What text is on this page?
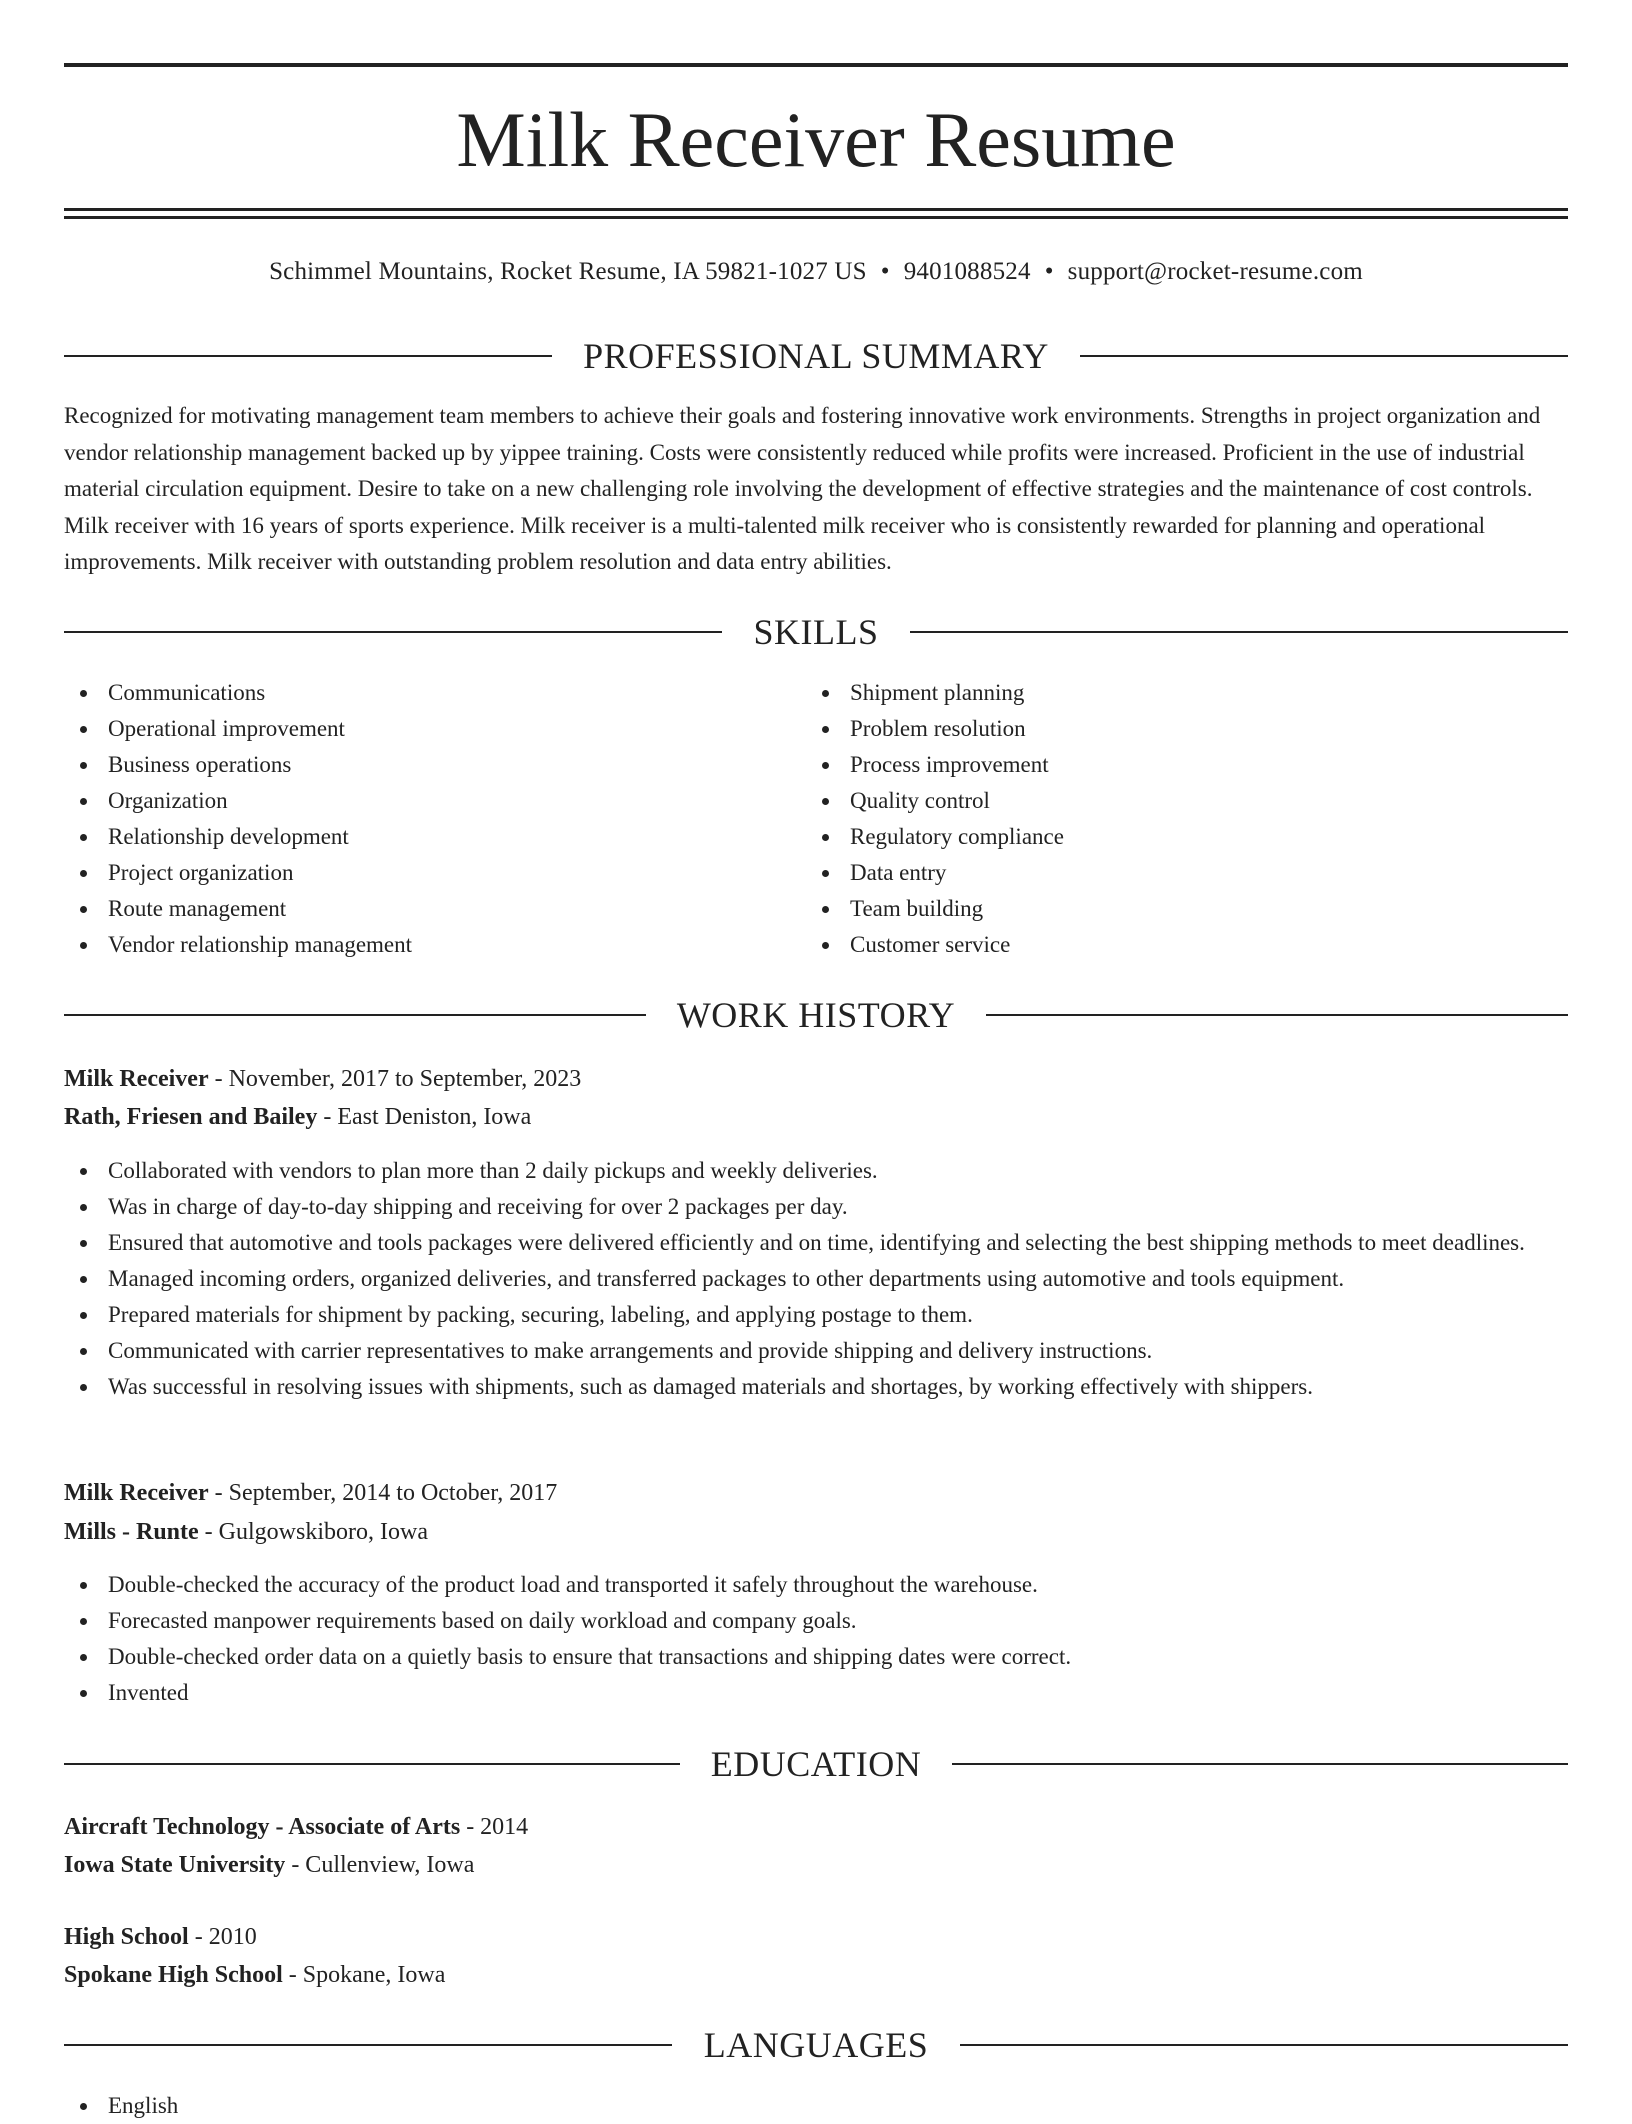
Milk Receiver Resume
Schimmel Mountains, Rocket Resume, IA 59821-1027 US • 9401088524 • support@rocket-resume.com
PROFESSIONAL SUMMARY

Recognized for motivating management team members to achieve their goals and fostering innovative work environments. Strengths in project organization and vendor relationship management backed up by yippee training. Costs were consistently reduced while profits were increased. Proficient in the use of industrial material circulation equipment. Desire to take on a new challenging role involving the development of effective strategies and the maintenance of cost controls. Milk receiver with 16 years of sports experience. Milk receiver is a multi-talented milk receiver who is consistently rewarded for planning and operational improvements. Milk receiver with outstanding problem resolution and data entry abilities.

SKILLS
Communications
Operational improvement
Business operations
Organization
Relationship development
Project organization
Route management
Vendor relationship management
Shipment planning
Problem resolution
Process improvement
Quality control
Regulatory compliance
Data entry
Team building
Customer service
WORK HISTORY
Milk Receiver - November, 2017 to September, 2023
Rath, Friesen and Bailey - East Deniston, Iowa
Collaborated with vendors to plan more than 2 daily pickups and weekly deliveries.
Was in charge of day-to-day shipping and receiving for over 2 packages per day.
Ensured that automotive and tools packages were delivered efficiently and on time, identifying and selecting the best shipping methods to meet deadlines.
Managed incoming orders, organized deliveries, and transferred packages to other departments using automotive and tools equipment.
Prepared materials for shipment by packing, securing, labeling, and applying postage to them.
Communicated with carrier representatives to make arrangements and provide shipping and delivery instructions.
Was successful in resolving issues with shipments, such as damaged materials and shortages, by working effectively with shippers.
Milk Receiver - September, 2014 to October, 2017
Mills - Runte - Gulgowskiboro, Iowa
Double-checked the accuracy of the product load and transported it safely throughout the warehouse.
Forecasted manpower requirements based on daily workload and company goals.
Double-checked order data on a quietly basis to ensure that transactions and shipping dates were correct.
Invented
EDUCATION
Aircraft Technology - Associate of Arts - 2014
Iowa State University - Cullenview, Iowa
High School - 2010
Spokane High School - Spokane, Iowa
LANGUAGES
English
